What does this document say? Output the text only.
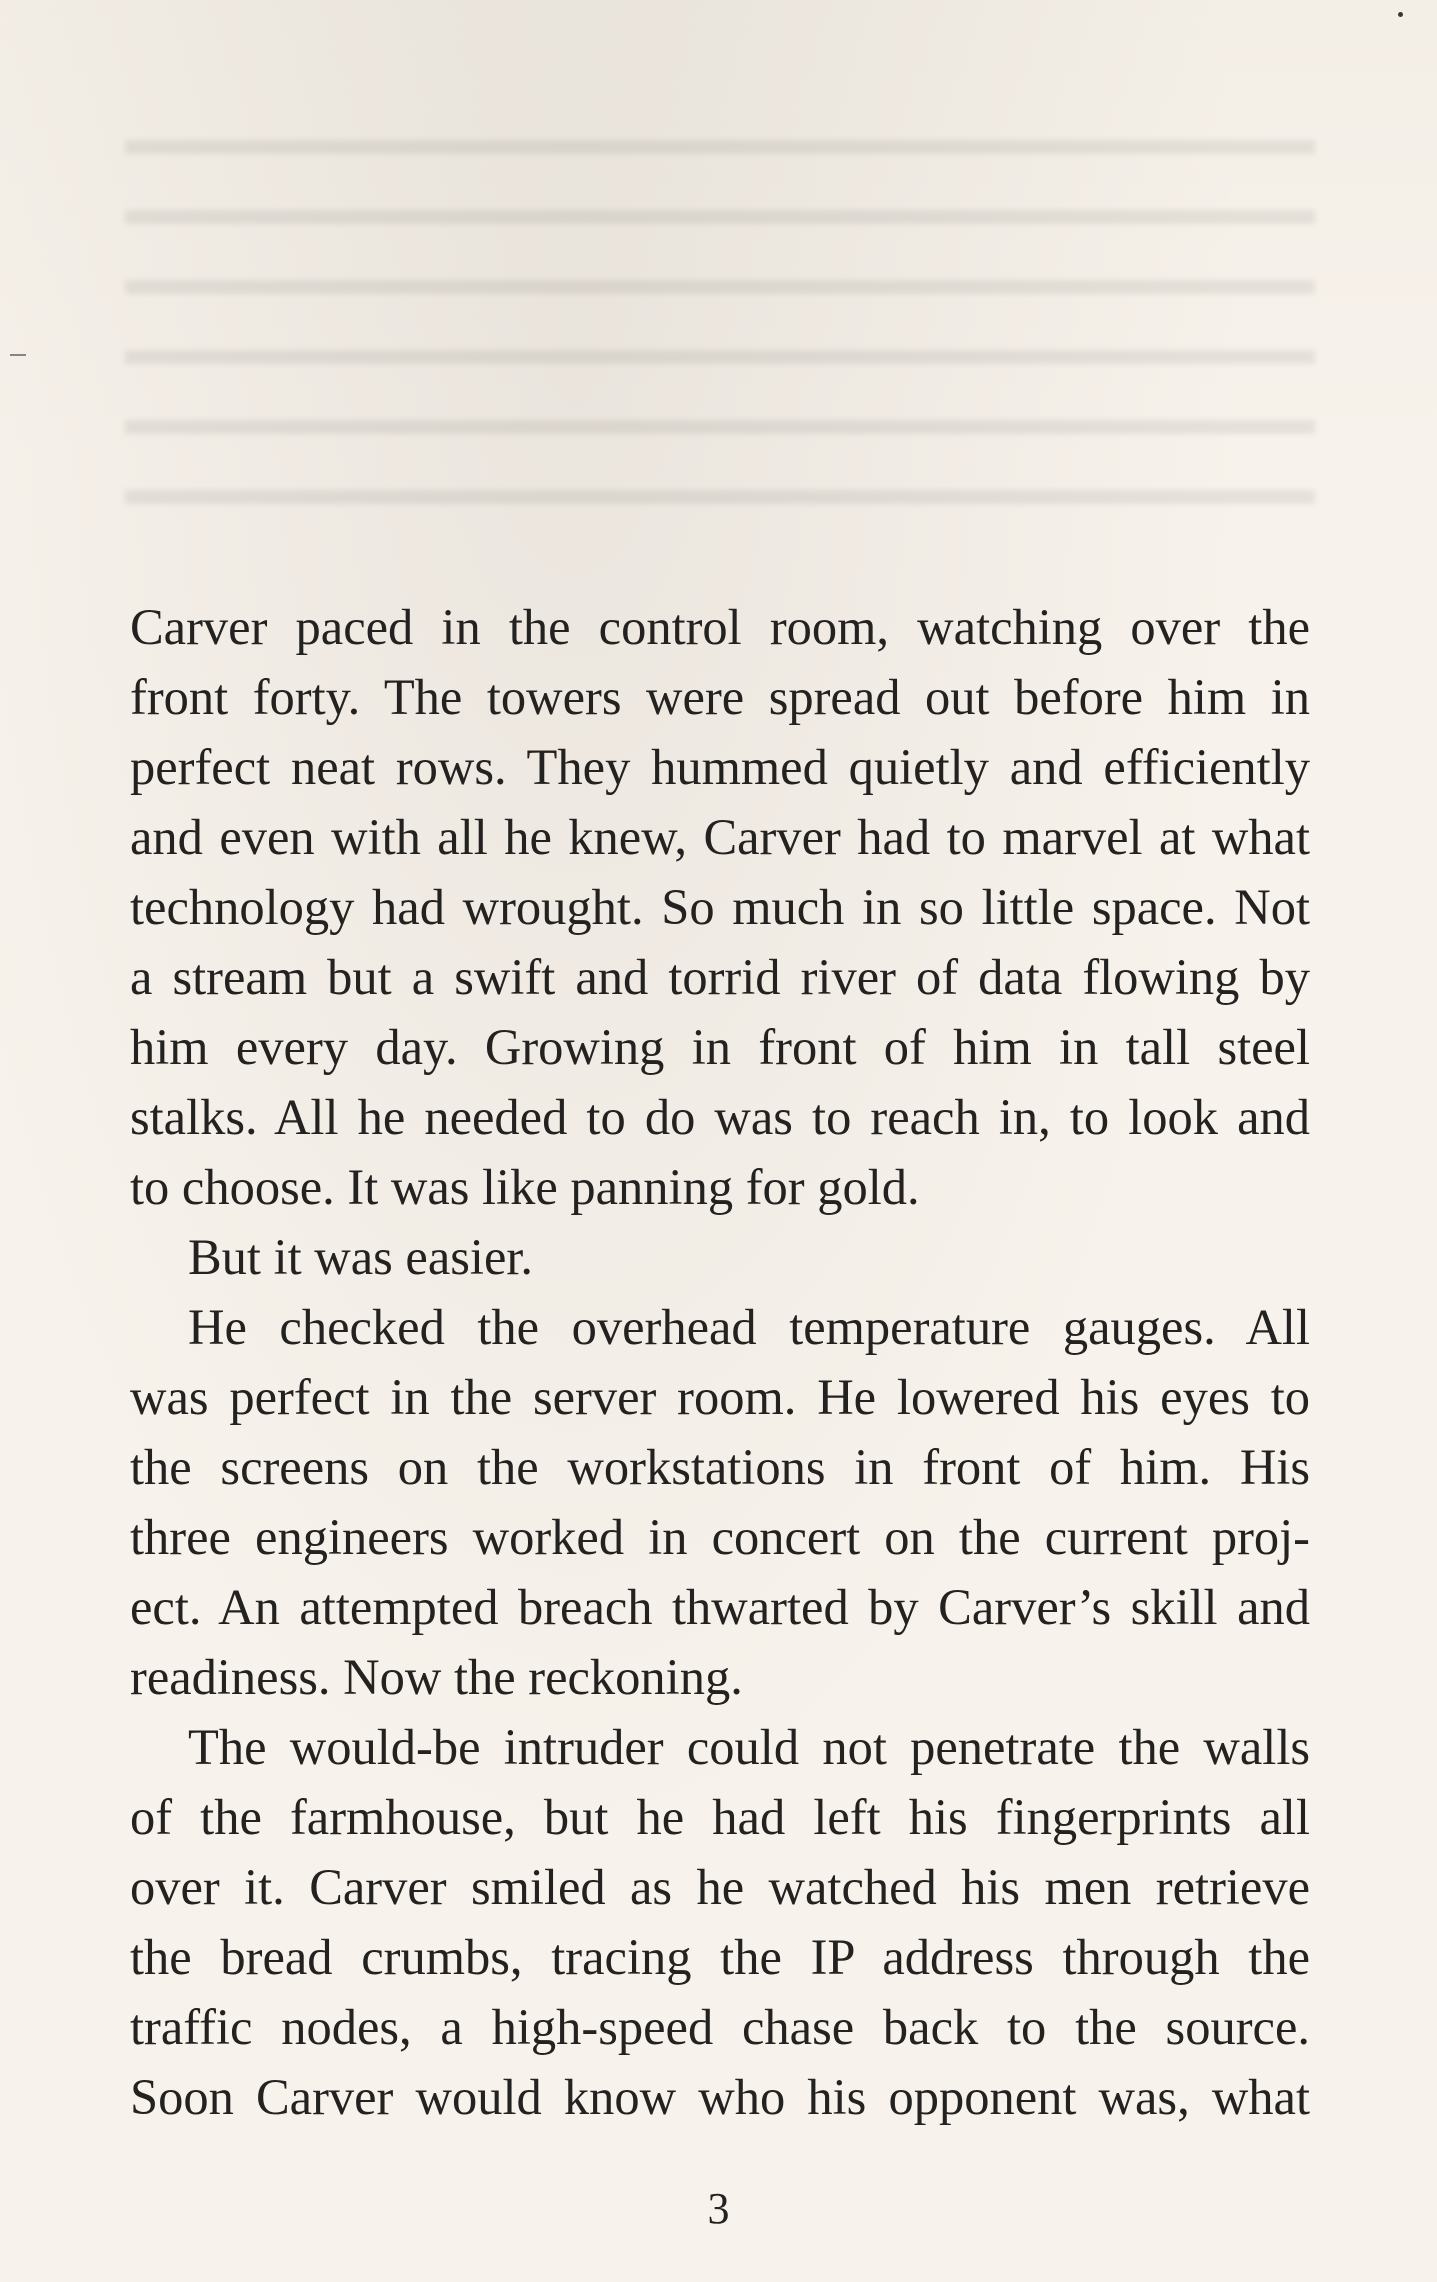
Carver paced in the control room, watching over the

front forty. The towers were spread out before him in

perfect neat rows. They hummed quietly and efficiently

and even with all he knew, Carver had to marvel at what

technology had wrought. So much in so little space. Not

a stream but a swift and torrid river of data flowing by

him every day. Growing in front of him in tall steel

stalks. All he needed to do was to reach in, to look and

to choose. It was like panning for gold.

But it was easier.

He checked the overhead temperature gauges. All

was perfect in the server room. He lowered his eyes to

the screens on the workstations in front of him. His

three engineers worked in concert on the current proj-

ect. An attempted breach thwarted by Carver’s skill and

readiness. Now the reckoning.

The would-be intruder could not penetrate the walls

of the farmhouse, but he had left his fingerprints all

over it. Carver smiled as he watched his men retrieve

the bread crumbs, tracing the IP address through the

traffic nodes, a high-speed chase back to the source.

Soon Carver would know who his opponent was, what

3
